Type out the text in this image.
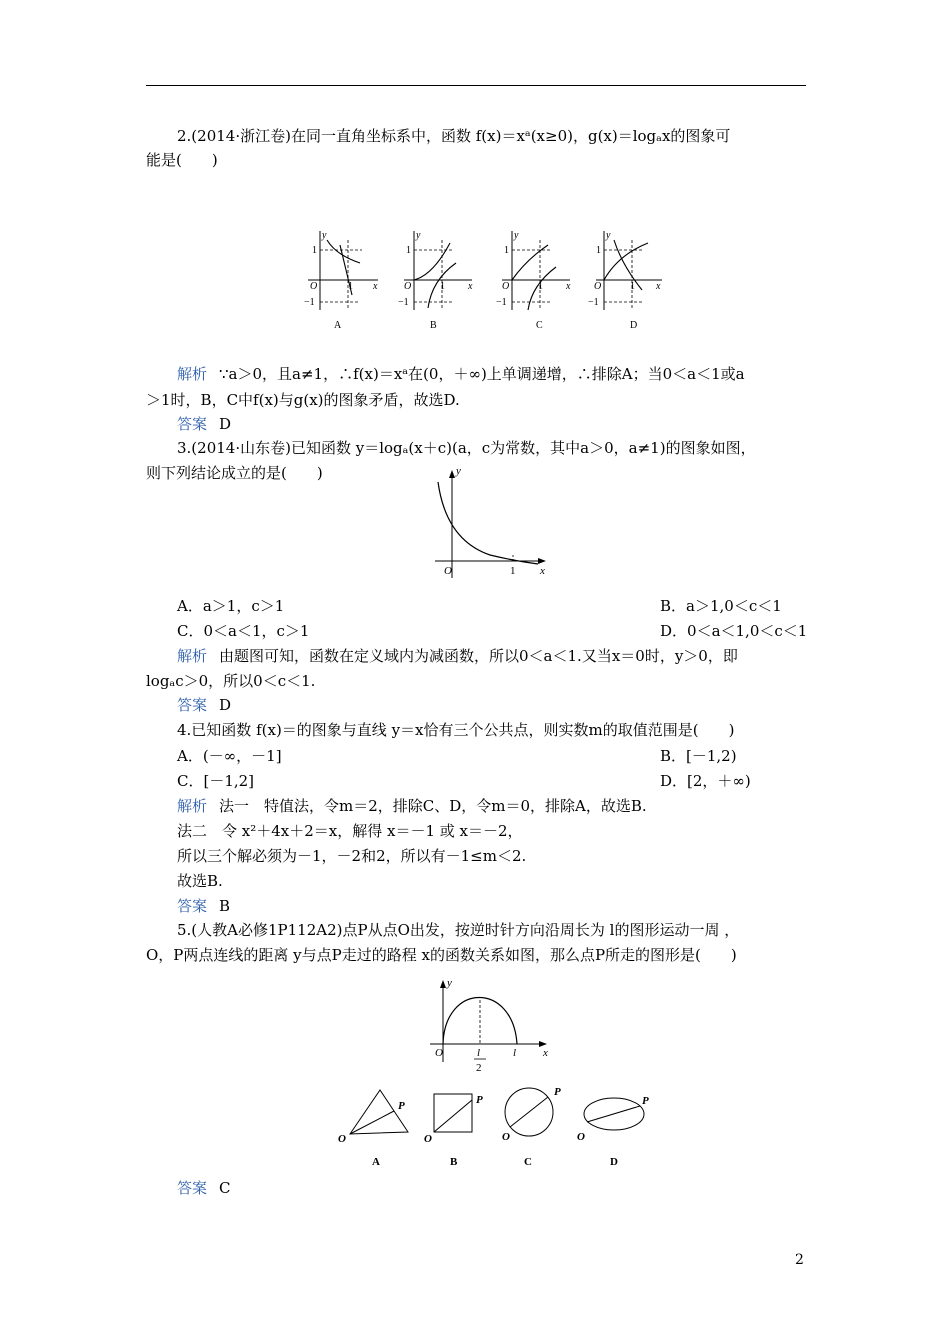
2.(2014·浙江卷)在同一直角坐标系中，函数 f(x)＝xᵃ(x≥0)，g(x)＝logₐx的图象可
能是(　　)
y
1
O	1 x
−1
A
y
1
O	1 x
−1
B
y
1
O	1 x
−1
C
y
1
O	1 x
−1
D
解析 ∵a＞0，且a≠1，∴f(x)＝xᵃ在(0，＋∞)上单调递增，∴排除A；当0＜a＜1或a
＞1时，B，C中f(x)与g(x)的图象矛盾，故选D.
答案 D
3.(2014·山东卷)已知函数 y＝logₐ(x＋c)(a，c为常数，其中a＞0，a≠1)的图象如图，
则下列结论成立的是(　　)	y
O	1 x
A．a＞1，c＞1	B．a＞1,0＜c＜1
C．0＜a＜1，c＞1	D．0＜a＜1,0＜c＜1
解析 由题图可知，函数在定义域内为减函数，所以0＜a＜1.又当x＝0时，y＞0，即
logₐc＞0，所以0＜c＜1.
答案 D
4.已知函数 f(x)＝的图象与直线 y＝x恰有三个公共点，则实数m的取值范围是(　　)
A．(－∞，－1]	B．[－1,2)
C．[－1,2]	D．[2，＋∞)
解析 法一　特值法，令m＝2，排除C、D，令m＝0，排除A，故选B.
法二　令 x²＋4x＋2＝x，解得 x＝－1 或 x＝－2，
所以三个解必须为－1，－2和2，所以有－1≤m＜2.
故选B.
答案 B
5.(人教A必修1P112A2)点P从点O出发，按逆时针方向沿周长为 l的图形运动一周 ，
O，P两点连线的距离 y与点P走过的路程 x的函数关系如图，那么点P所走的图形是(　　)
y
O	l
2
l x
O
P
A
O
P
B
O
P
C
O
P
D
答案 C
2
